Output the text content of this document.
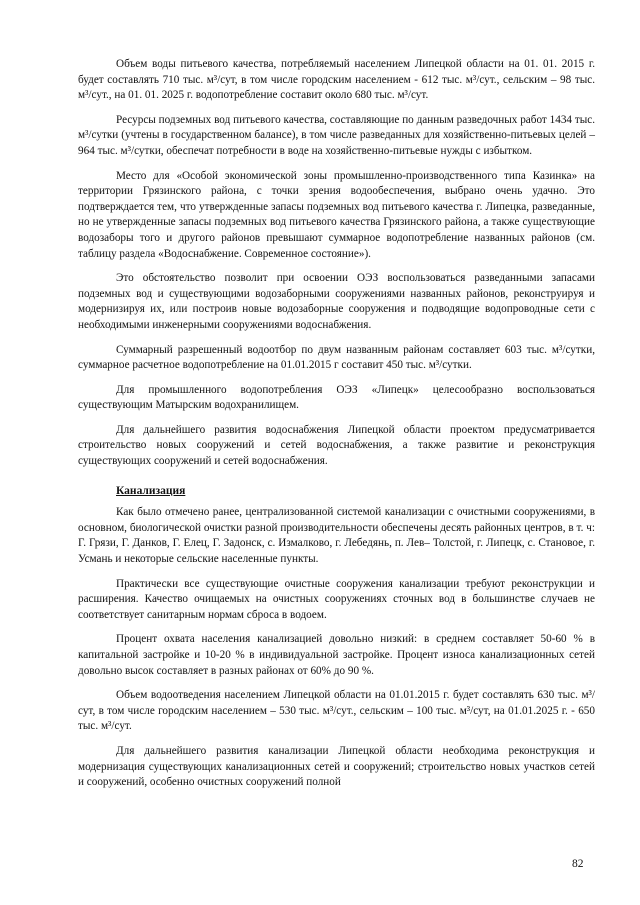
Объем воды питьевого качества, потребляемый населением Липецкой области на 01. 01. 2015 г. будет составлять 710 тыс. м³/сут, в том числе городским населением - 612 тыс. м³/сут., сельским – 98 тыс. м³/сут., на 01. 01. 2025 г. водопотребление составит около 680 тыс. м³/сут.

Ресурсы подземных вод питьевого качества, составляющие по данным разведочных работ 1434 тыс. м³/сутки (учтены в государственном балансе), в том числе разведанных для хозяйственно-питьевых целей – 964 тыс. м³/сутки, обеспечат потребности в воде на хозяйственно-питьевые нужды с избытком.

Место для «Особой экономической зоны промышленно-производственного типа Казинка» на территории Грязинского района, с точки зрения водообеспечения, выбрано очень удачно. Это подтверждается тем, что утвержденные запасы подземных вод питьевого качества г. Липецка, разведанные, но не утвержденные запасы подземных вод питьевого качества Грязинского района, а также существующие водозаборы того и другого районов превышают суммарное водопотребление названных районов (см. таблицу раздела «Водоснабжение. Современное состояние»).

Это обстоятельство позволит при освоении ОЭЗ воспользоваться разведанными запасами подземных вод и существующими водозаборными сооружениями названных районов, реконструируя и модернизируя их, или построив новые водозаборные сооружения и подводящие водопроводные сети с необходимыми инженерными сооружениями водоснабжения.

Суммарный разрешенный водоотбор по двум названным районам составляет 603 тыс. м³/сутки, суммарное расчетное водопотребление на 01.01.2015 г составит 450 тыс. м³/сутки.

Для промышленного водопотребления ОЭЗ «Липецк» целесообразно воспользоваться существующим Матырским водохранилищем.

Для дальнейшего развития водоснабжения Липецкой области проектом предусматривается строительство новых сооружений и сетей водоснабжения, а также развитие и реконструкция существующих сооружений и сетей водоснабжения.

Канализация

Как было отмечено ранее, централизованной системой канализации с очистными сооружениями, в основном, биологической очистки разной производительности обеспечены десять районных центров, в т. ч: Г. Грязи, Г. Данков, Г. Елец, Г. Задонск, с. Измалково, г. Лебедянь, п. Лев– Толстой, г. Липецк, с. Становое, г. Усмань и некоторые сельские населенные пункты.

Практически все существующие очистные сооружения канализации требуют реконструкции и расширения. Качество очищаемых на очистных сооружениях сточных вод в большинстве случаев не соответствует санитарным нормам сброса в водоем.

Процент охвата населения канализацией довольно низкий: в среднем составляет 50-60 % в капитальной застройке и 10-20 % в индивидуальной застройке. Процент износа канализационных сетей довольно высок составляет в разных районах от 60% до 90 %.

Объем водоотведения населением Липецкой области на 01.01.2015 г. будет составлять 630 тыс. м³/сут, в том числе городским населением – 530 тыс. м³/сут., сельским – 100 тыс. м³/сут, на 01.01.2025 г. - 650 тыс. м³/сут.

Для дальнейшего развития канализации Липецкой области необходима реконструкция и модернизация существующих канализационных сетей и сооружений; строительство новых участков сетей и сооружений, особенно очистных сооружений полной

82
